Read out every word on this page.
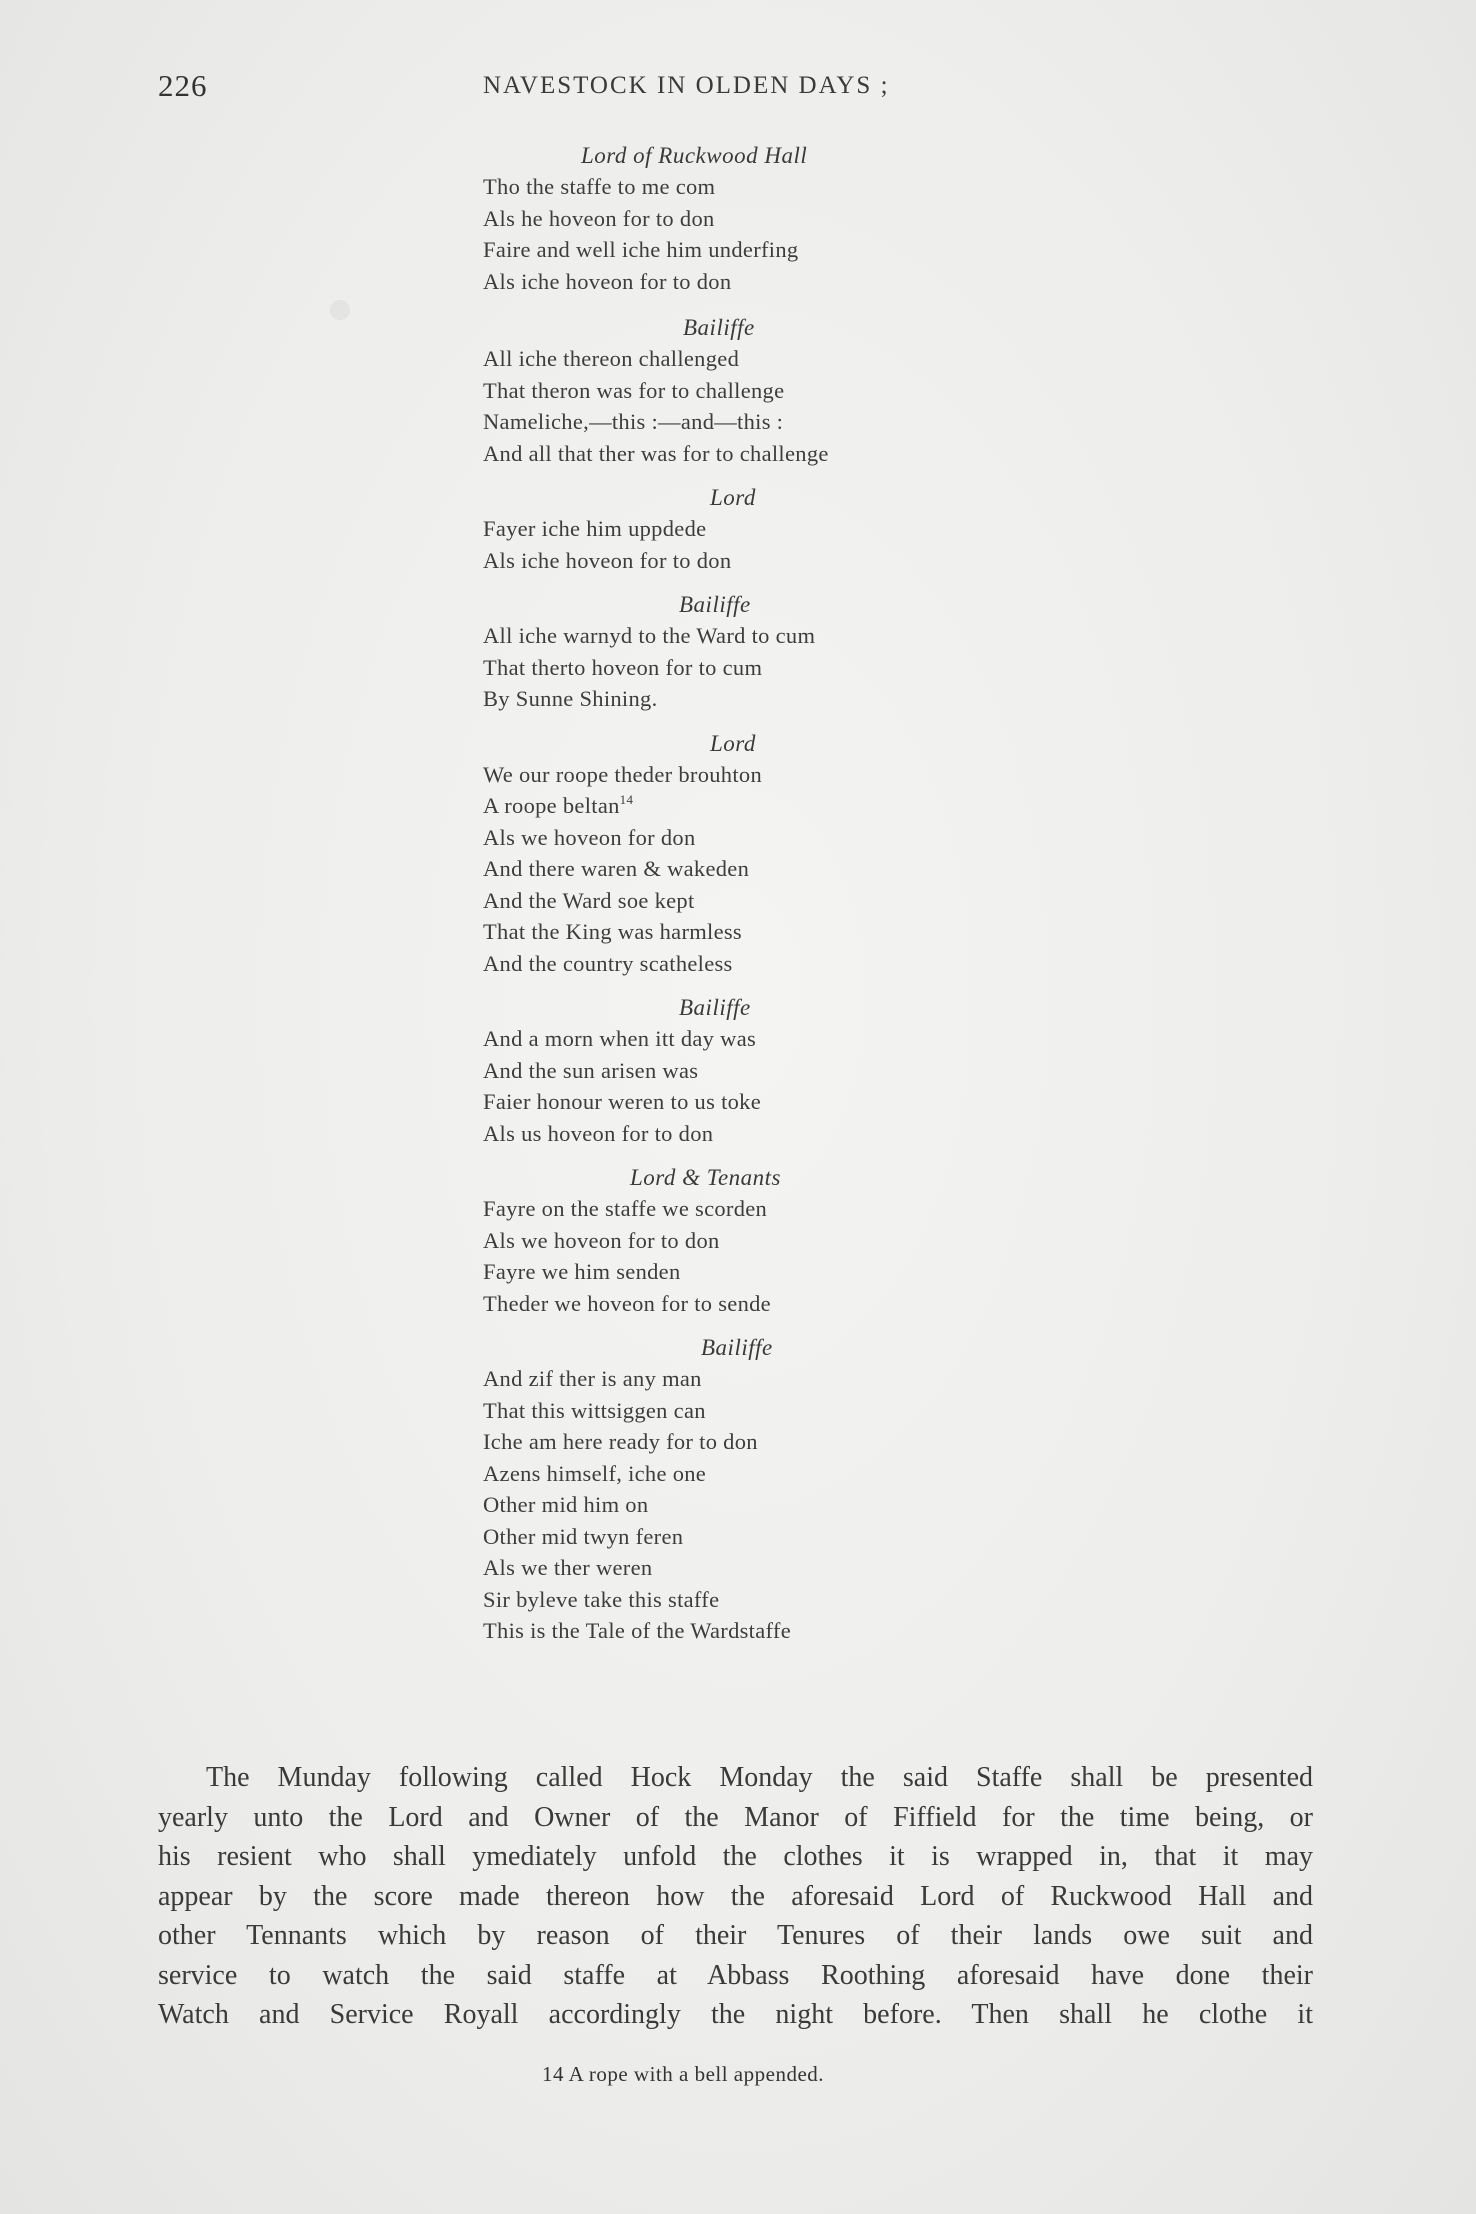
226	NAVESTOCK IN OLDEN DAYS ;
Lord of Ruckwood Hall
Tho the staffe to me com
Als he hoveon for to don
Faire and well iche him underfing
Als iche hoveon for to don
Bailiffe
All iche thereon challenged
That theron was for to challenge
Nameliche,—this :—and—this :
And all that ther was for to challenge
Lord
Fayer iche him uppdede
Als iche hoveon for to don
Bailiffe
All iche warnyd to the Ward to cum
That therto hoveon for to cum
By Sunne Shining.
Lord
We our roope theder brouhton
A roope beltan$^{14}$
Als we hoveon for don
And there waren & wakeden
And the Ward soe kept
That the King was harmless
And the country scatheless
Bailiffe
And a morn when itt day was
And the sun arisen was
Faier honour weren to us toke
Als us hoveon for to don
Lord & Tenants
Fayre on the staffe we scorden
Als we hoveon for to don
Fayre we him senden
Theder we hoveon for to sende
Bailiffe
And zif ther is any man
That this wittsiggen can
Iche am here ready for to don
Azens himself, iche one
Other mid him on
Other mid twyn feren
Als we ther weren
Sir byleve take this staffe
This is the Tale of the Wardstaffe
The Munday following called Hock Monday the said Staffe shall be presented
yearly unto the Lord and Owner of the Manor of Fiffield for the time being, or
his resient who shall ymediately unfold the clothes it is wrapped in, that it may
appear by the score made thereon how the aforesaid Lord of Ruckwood Hall and
other Tennants which by reason of their Tenures of their lands owe suit and
service to watch the said staffe at Abbass Roothing aforesaid have done their
Watch and Service Royall accordingly the night before. Then shall he clothe it
14 A rope with a bell appended.
